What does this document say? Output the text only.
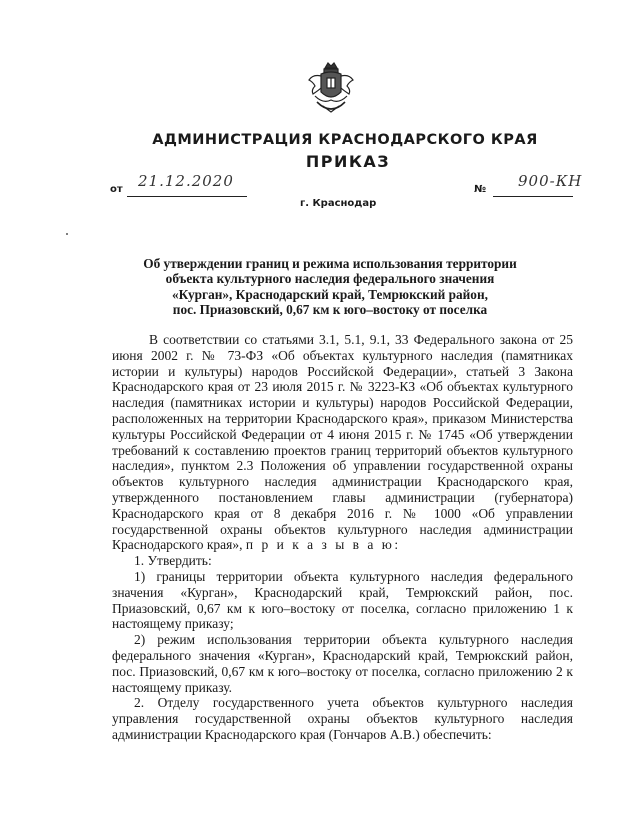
АДМИНИСТРАЦИЯ КРАСНОДАРСКОГО КРАЯ
ПРИКАЗ
от 21.12.2020	№ 900-КН
г. Краснодар
Об утверждении границ и режима использования территории
объекта культурного наследия федерального значения
«Курган», Краснодарский край, Темрюкский район,
пос. Приазовский, 0,67 км к юго–востоку от поселка

В соответствии со статьями 3.1, 5.1, 9.1, 33 Федерального закона от 25 июня 2002 г. № 73-ФЗ «Об объектах культурного наследия (памятниках истории и культуры) народов Российской Федерации», статьей 3 Закона Краснодарского края от 23 июля 2015 г. № 3223-КЗ «Об объектах культурного наследия (памятниках истории и культуры) народов Российской Федерации, расположенных на территории Краснодарского края», приказом Министерства культуры Российской Федерации от 4 июня 2015 г. № 1745 «Об утверждении требований к составлению проектов границ территорий объектов культурного наследия», пунктом 2.3 Положения об управлении государственной охраны объектов культурного наследия администрации Краснодарского края, утвержденного постановлением главы администрации (губернатора) Краснодарского края от 8 декабря 2016 г. № 1000 «Об управлении государственной охраны объектов культурного наследия администрации Краснодарского края», п р и к а з ы в а ю:

1. Утвердить:

1) границы территории объекта культурного наследия федерального значения «Курган», Краснодарский край, Темрюкский район, пос. Приазовский, 0,67 км к юго–востоку от поселка, согласно приложению 1 к настоящему приказу;

2) режим использования территории объекта культурного наследия федерального значения «Курган», Краснодарский край, Темрюкский район, пос. Приазовский, 0,67 км к юго–востоку от поселка, согласно приложению 2 к настоящему приказу.

2. Отделу государственного учета объектов культурного наследия управления государственной охраны объектов культурного наследия администрации Краснодарского края (Гончаров А.В.) обеспечить:
